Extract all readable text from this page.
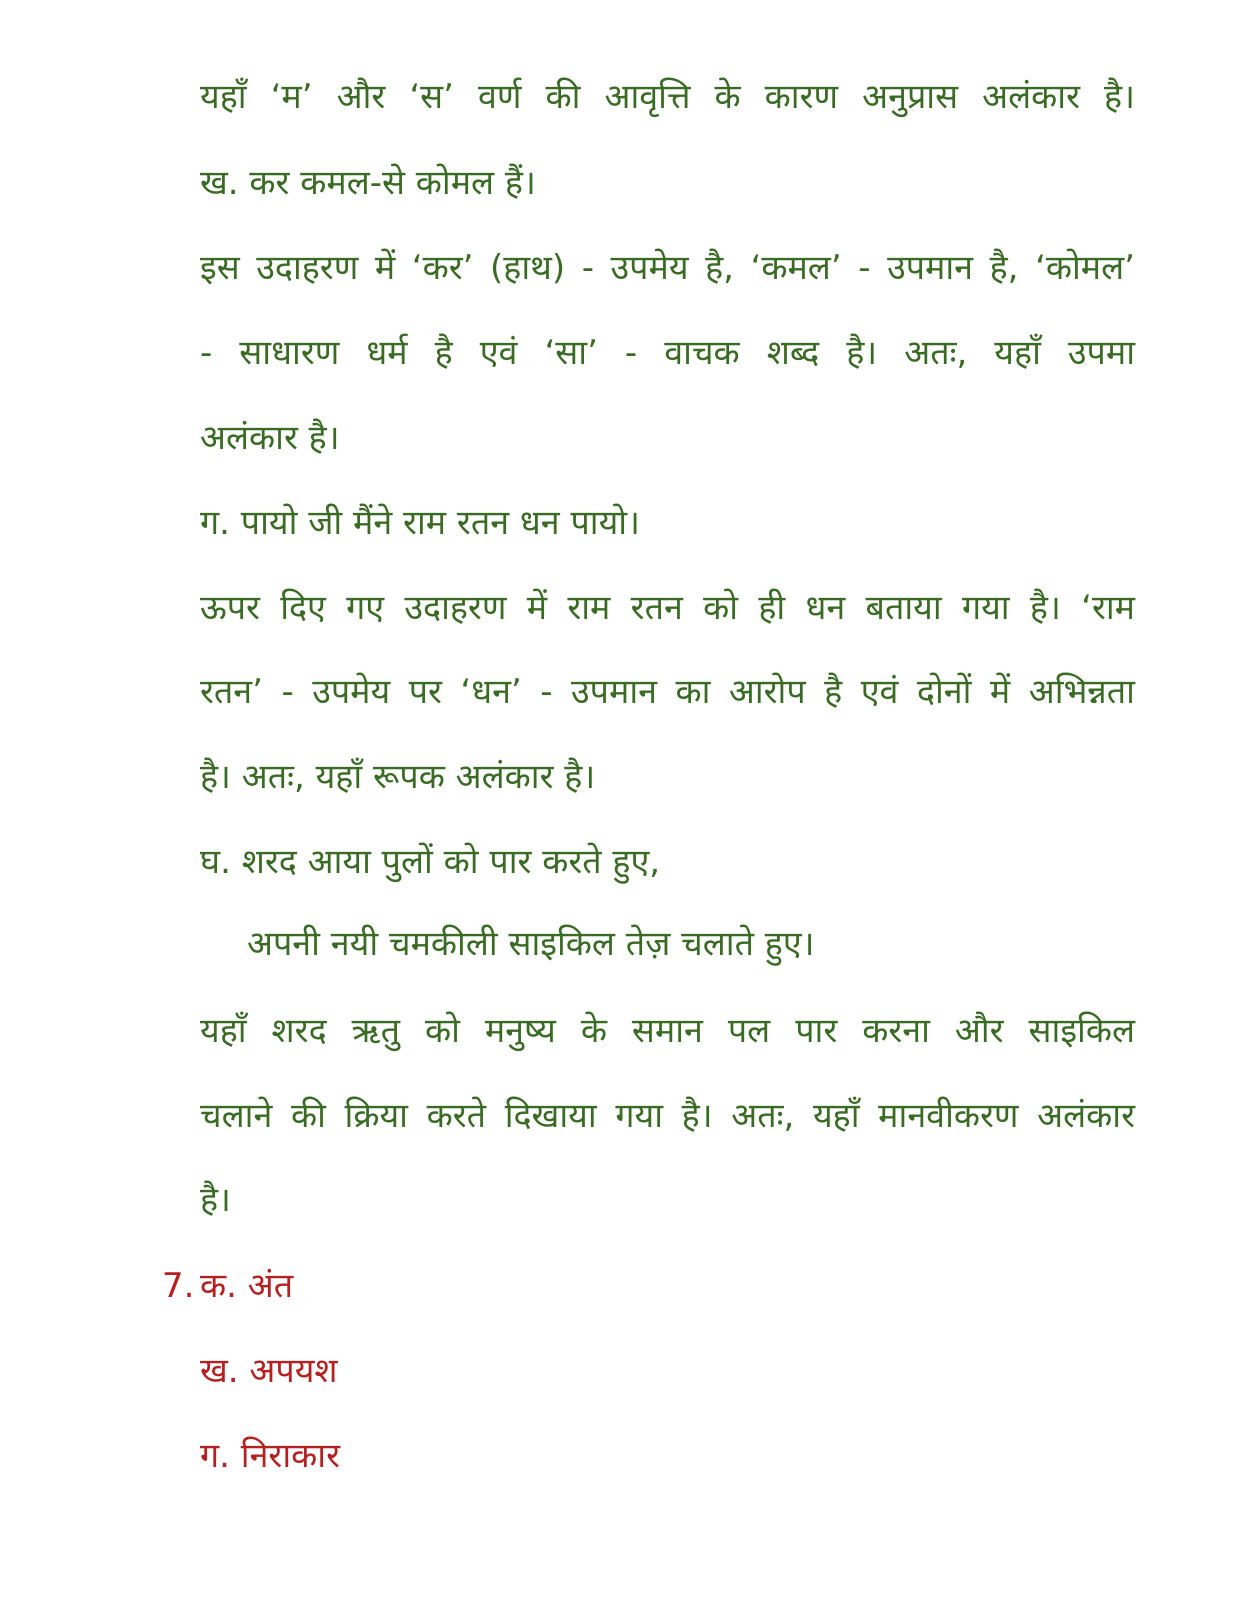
यहाँ ‘म’ और ‘स’ वर्ण की आवृत्ति के कारण अनुप्रास अलंकार है।
ख. कर कमल-से कोमल हैं।
इस उदाहरण में ‘कर’ (हाथ) - उपमेय है, ‘कमल’ - उपमान है, ‘कोमल’
- साधारण धर्म है एवं ‘सा’ - वाचक शब्द है। अतः, यहाँ उपमा
अलंकार है।
ग. पायो जी मैंने राम रतन धन पायो।
ऊपर दिए गए उदाहरण में राम रतन को ही धन बताया गया है। ‘राम
रतन’ - उपमेय पर ‘धन’ - उपमान का आरोप है एवं दोनों में अभिन्नता
है। अतः, यहाँ रूपक अलंकार है।
घ. शरद आया पुलों को पार करते हुए,
अपनी नयी चमकीली साइकिल तेज़ चलाते हुए।
यहाँ शरद ऋतु को मनुष्य के समान पल पार करना और साइकिल
चलाने की क्रिया करते दिखाया गया है। अतः, यहाँ मानवीकरण अलंकार
है।
7. क. अंत
ख. अपयश
ग. निराकार
